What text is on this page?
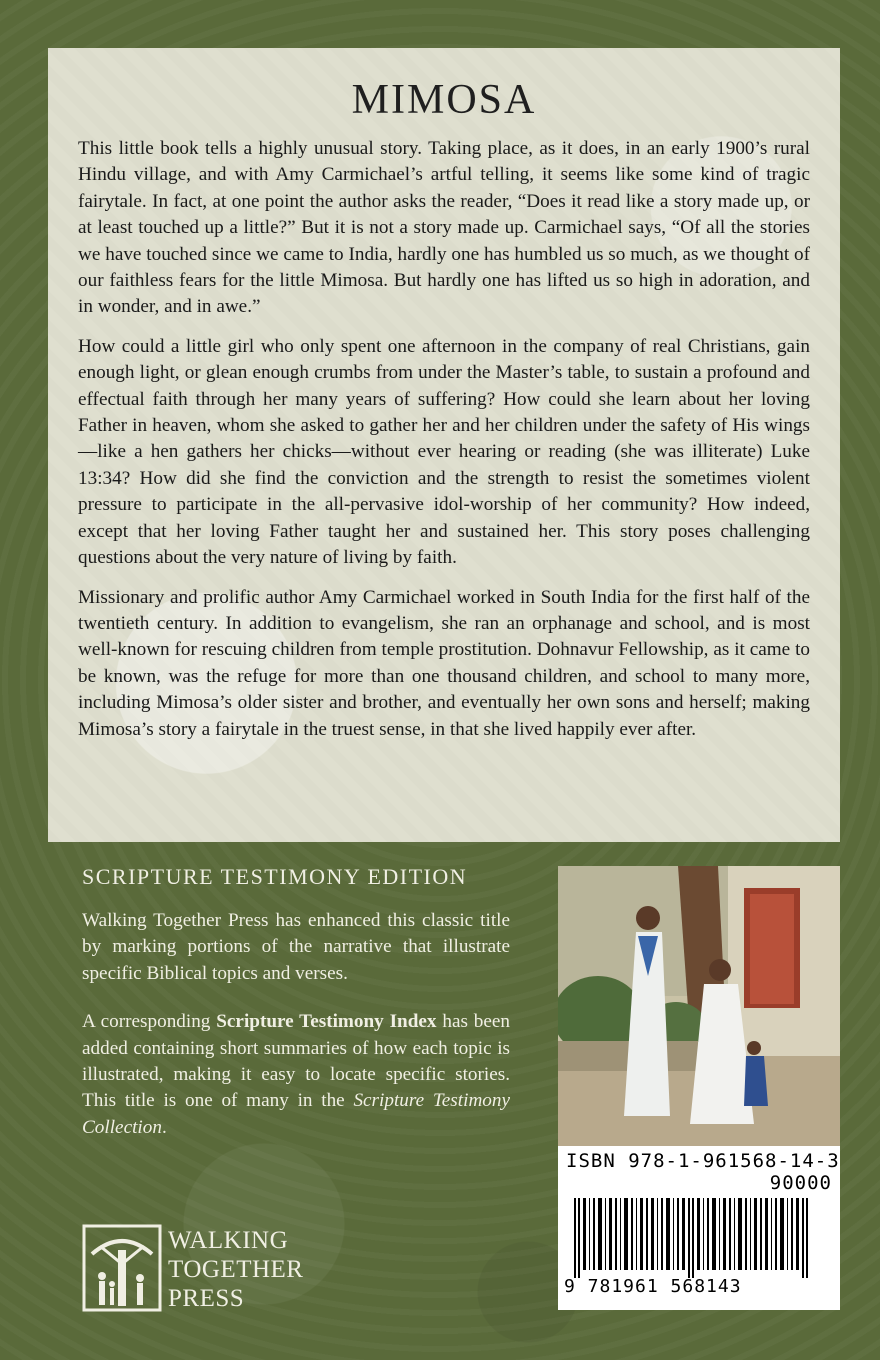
MIMOSA

This little book tells a highly unusual story. Taking place, as it does, in an early 1900’s rural Hindu village, and with Amy Carmichael’s artful telling, it seems like some kind of tragic fairytale. In fact, at one point the author asks the reader, “Does it read like a story made up, or at least touched up a little?” But it is not a story made up. Carmichael says, “Of all the stories we have touched since we came to India, hardly one has humbled us so much, as we thought of our faithless fears for the little Mimosa. But hardly one has lifted us so high in adoration, and in wonder, and in awe.”

How could a little girl who only spent one afternoon in the company of real Christians, gain enough light, or glean enough crumbs from under the Master’s table, to sustain a profound and effectual faith through her many years of suffering? How could she learn about her loving Father in heaven, whom she asked to gather her and her children under the safety of His wings—like a hen gathers her chicks—without ever hearing or reading (she was illiterate) Luke 13:34? How did she find the conviction and the strength to resist the sometimes violent pressure to participate in the all-pervasive idol-worship of her community? How indeed, except that her loving Father taught her and sustained her. This story poses challenging questions about the very nature of living by faith.

Missionary and prolific author Amy Carmichael worked in South India for the first half of the twentieth century. In addition to evangelism, she ran an orphanage and school, and is most well-known for rescuing children from temple prostitution. Dohnavur Fellowship, as it came to be known, was the refuge for more than one thousand children, and school to many more, including Mimosa’s older sister and brother, and eventually her own sons and herself; making Mimosa’s story a fairytale in the truest sense, in that she lived happily ever after.

SCRIPTURE TESTIMONY EDITION

Walking Together Press has enhanced this classic title by marking portions of the narrative that illustrate specific Biblical topics and verses.

A corresponding Scripture Testimony Index has been added containing short summaries of how each topic is illustrated, making it easy to locate specific stories. This title is one of many in the Scripture Testimony Collection.

ISBN 978-1-961568-14-3
90000
9 781961 568143
WALKING
TOGETHER
PRESS
